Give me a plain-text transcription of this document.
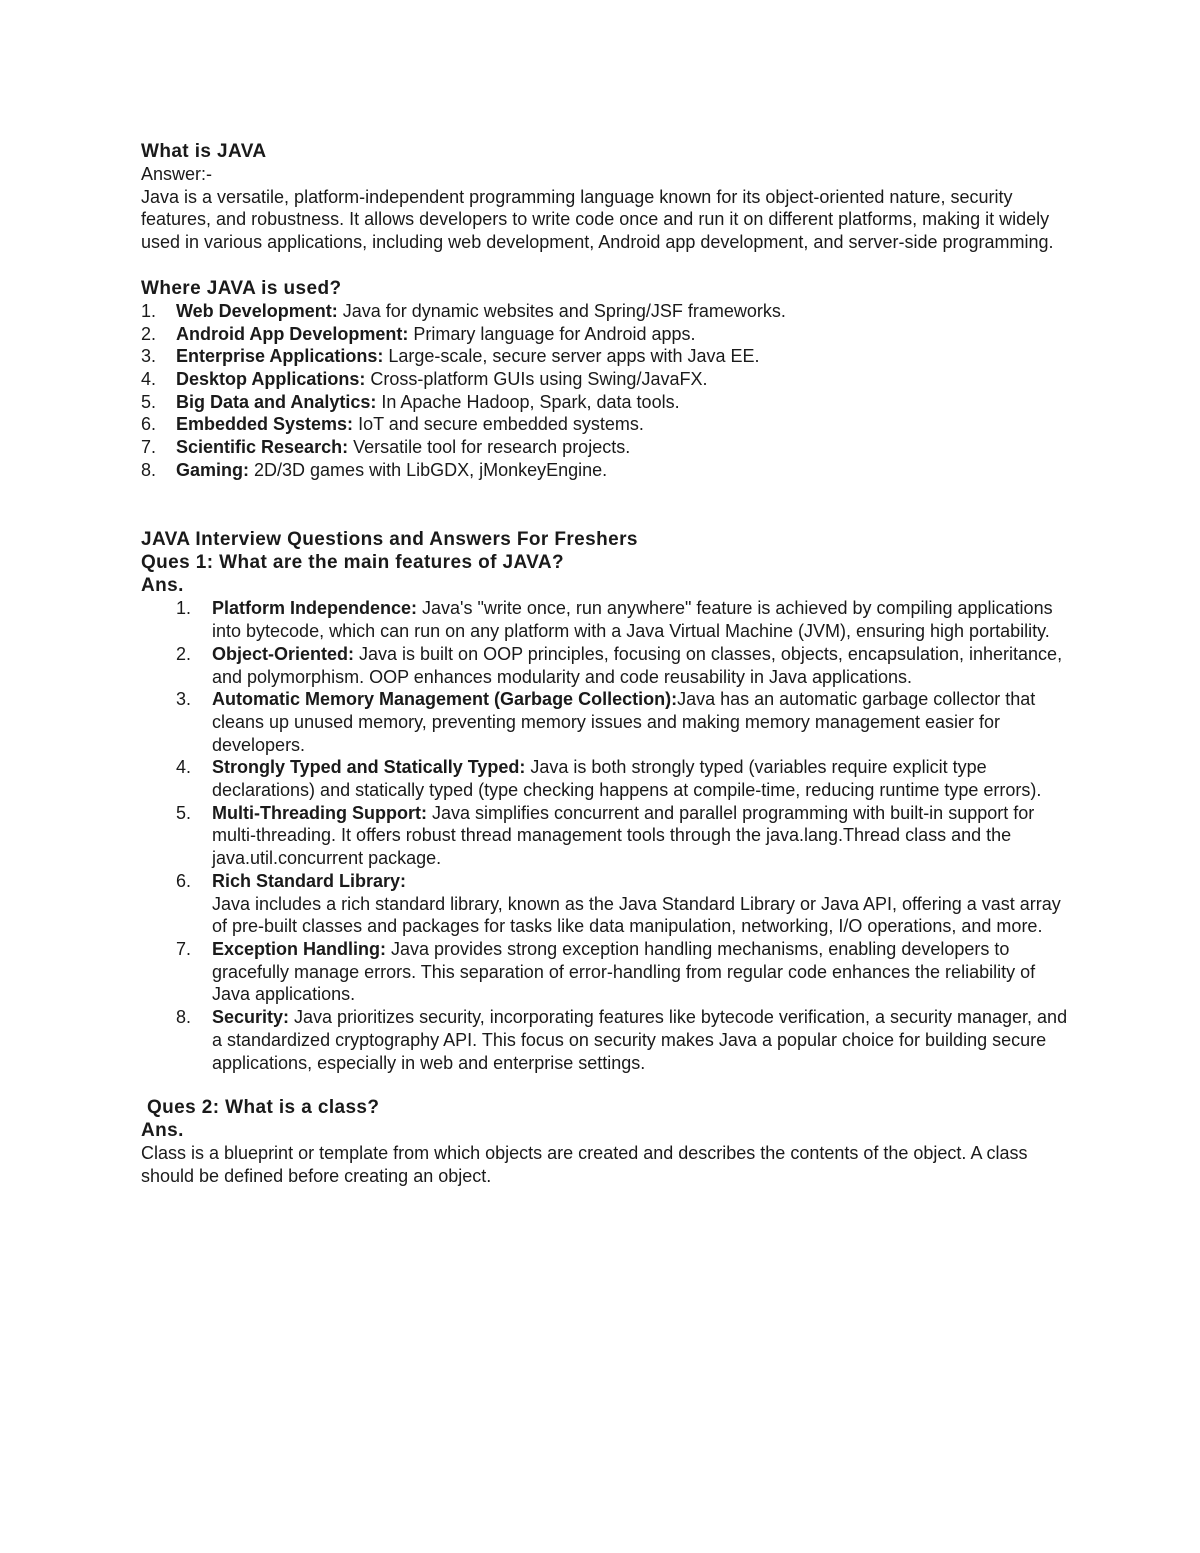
What is JAVA
Answer:-
Java is a versatile, platform-independent programming language known for its object-oriented nature, security features, and robustness. It allows developers to write code once and run it on different platforms, making it widely used in various applications, including web development, Android app development, and server-side programming.
Where JAVA is used?
1. Web Development: Java for dynamic websites and Spring/JSF frameworks.
2. Android App Development: Primary language for Android apps.
3. Enterprise Applications: Large-scale, secure server apps with Java EE.
4. Desktop Applications: Cross-platform GUIs using Swing/JavaFX.
5. Big Data and Analytics: In Apache Hadoop, Spark, data tools.
6. Embedded Systems: IoT and secure embedded systems.
7. Scientific Research: Versatile tool for research projects.
8. Gaming: 2D/3D games with LibGDX, jMonkeyEngine.
JAVA Interview Questions and Answers For Freshers
Ques 1: What are the main features of JAVA?
Ans.
1. Platform Independence: Java's "write once, run anywhere" feature is achieved by compiling applications into bytecode, which can run on any platform with a Java Virtual Machine (JVM), ensuring high portability.
2. Object-Oriented: Java is built on OOP principles, focusing on classes, objects, encapsulation, inheritance, and polymorphism. OOP enhances modularity and code reusability in Java applications.
3. Automatic Memory Management (Garbage Collection):Java has an automatic garbage collector that cleans up unused memory, preventing memory issues and making memory management easier for developers.
4. Strongly Typed and Statically Typed: Java is both strongly typed (variables require explicit type declarations) and statically typed (type checking happens at compile-time, reducing runtime type errors).
5. Multi-Threading Support: Java simplifies concurrent and parallel programming with built-in support for multi-threading. It offers robust thread management tools through the java.lang.Thread class and the java.util.concurrent package.
6. Rich Standard Library:
Java includes a rich standard library, known as the Java Standard Library or Java API, offering a vast array of pre-built classes and packages for tasks like data manipulation, networking, I/O operations, and more.
7. Exception Handling: Java provides strong exception handling mechanisms, enabling developers to gracefully manage errors. This separation of error-handling from regular code enhances the reliability of Java applications.
8. Security: Java prioritizes security, incorporating features like bytecode verification, a security manager, and a standardized cryptography API. This focus on security makes Java a popular choice for building secure applications, especially in web and enterprise settings.
Ques 2: What is a class?
Ans.
Class is a blueprint or template from which objects are created and describes the contents of the object. A class should be defined before creating an object.
